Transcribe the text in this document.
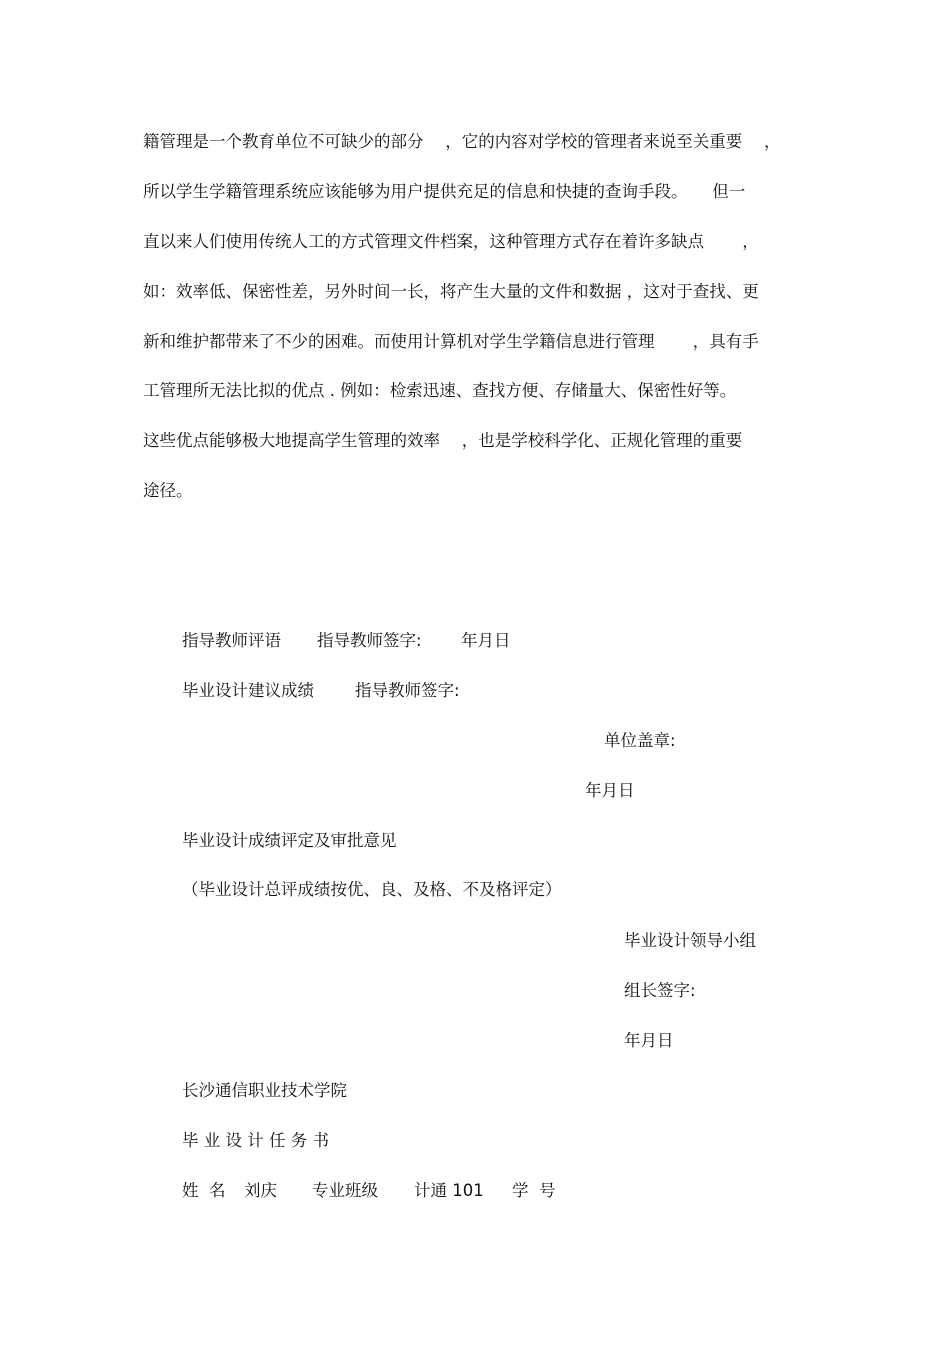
籍管理是一个教育单位不可缺少的部分　 ，它的内容对学校的管理者来说至关重要　 ，
所以学生学籍管理系统应该能够为用户提供充足的信息和快捷的查询手段。　　但一
直以来人们使用传统人工的方式管理文件档案，这种管理方式存在着许多缺点　　 ，
如：效率低、保密性差，另外时间一长，将产生大量的文件和数据 ，这对于查找、更
新和维护都带来了不少的困难。而使用计算机对学生学籍信息进行管理　　 ，具有手
工管理所无法比拟的优点 . 例如：检索迅速、查找方便、存储量大、保密性好等。
这些优点能够极大地提高学生管理的效率　 ，也是学校科学化、正规化管理的重要
途径。
指导教师评语 指导教师签字: 年月日
毕业设计建议成绩 指导教师签字:
单位盖章:
年月日
毕业设计成绩评定及审批意见
（毕业设计总评成绩按优、良、及格、不及格评定）
毕业设计领导小组
组长签字:
年月日
长沙通信职业技术学院
毕 业 设 计 任 务 书
姓  名 刘庆 专业班级 计通 101 学  号
